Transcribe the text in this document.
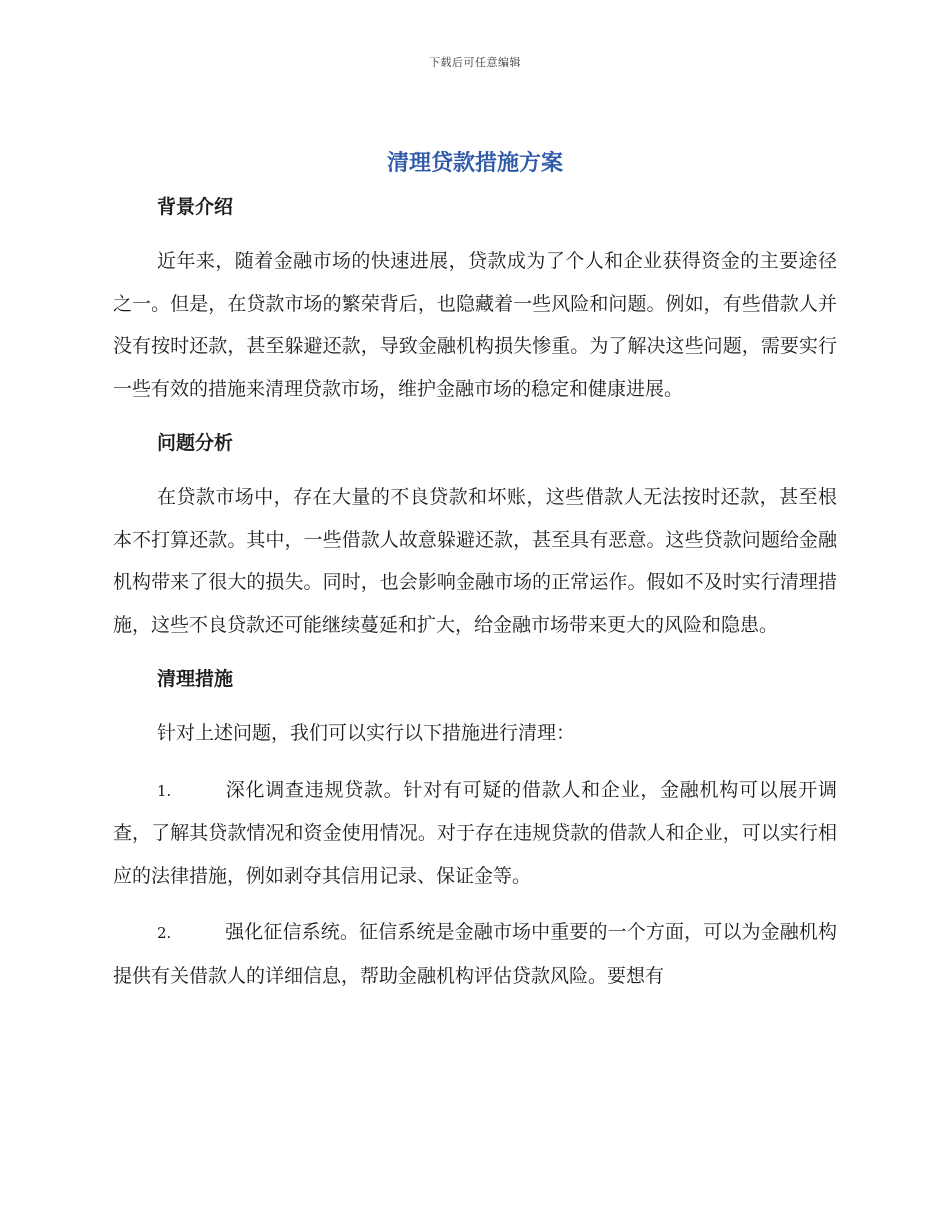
下载后可任意编辑
清理贷款措施方案
背景介绍

近年来，随着金融市场的快速进展，贷款成为了个人和企业获得资金的主要途径之一。但是，在贷款市场的繁荣背后，也隐藏着一些风险和问题。例如，有些借款人并没有按时还款，甚至躲避还款，导致金融机构损失惨重。为了解决这些问题，需要实行一些有效的措施来清理贷款市场，维护金融市场的稳定和健康进展。

问题分析

在贷款市场中，存在大量的不良贷款和坏账，这些借款人无法按时还款，甚至根本不打算还款。其中，一些借款人故意躲避还款，甚至具有恶意。这些贷款问题给金融机构带来了很大的损失。同时，也会影响金融市场的正常运作。假如不及时实行清理措施，这些不良贷款还可能继续蔓延和扩大，给金融市场带来更大的风险和隐患。

清理措施

针对上述问题，我们可以实行以下措施进行清理：

1.	深化调查违规贷款。针对有可疑的借款人和企业，金融机构可以展开调查，了解其贷款情况和资金使用情况。对于存在违规贷款的借款人和企业，可以实行相应的法律措施，例如剥夺其信用记录、保证金等。
2.	强化征信系统。征信系统是金融市场中重要的一个方面，可以为金融机构提供有关借款人的详细信息，帮助金融机构评估贷款风险。要想有
